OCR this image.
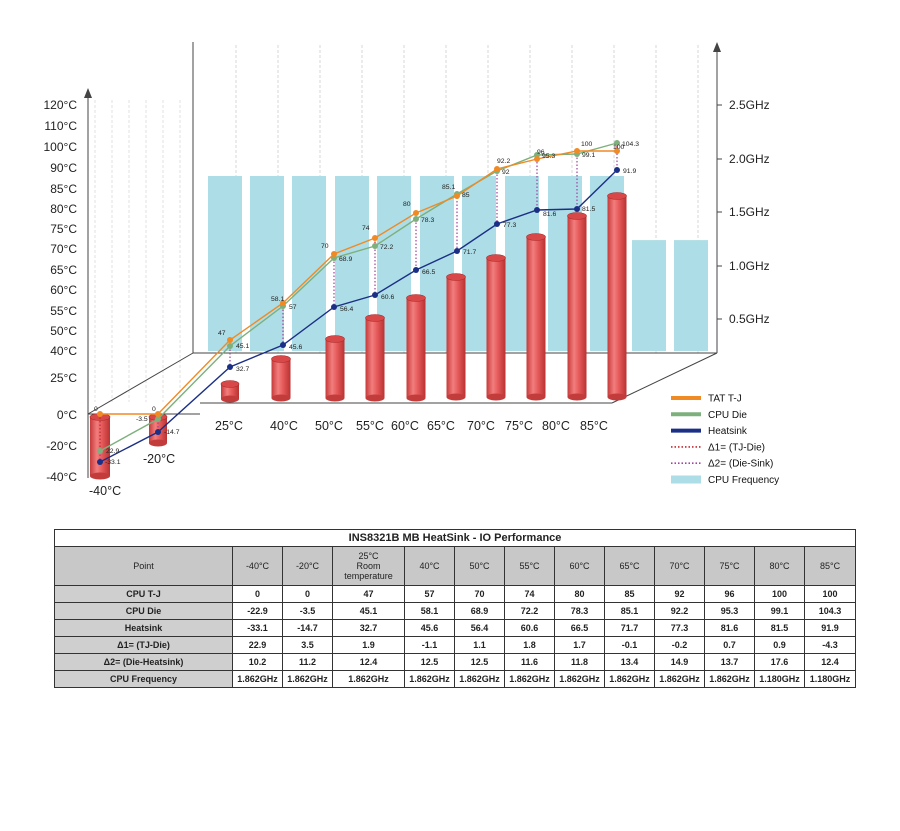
0
22.9
-33.1
0
-3.5
-14.7
47
45.1
32.7
58.1
57
45.6
70
68.9
56.4
74
72.2
60.6
80
78.3
66.5
85.1
85
71.7
92.2
92
77.3
96
95.3
81.6
100
99.1
81.5
100
104.3
91.9
-40°C
-20°C
25°C 40°C 50°C 55°C 60°C 65°C 70°C 75°C 80°C 85°C
120°C
110°C
100°C
90°C
85°C
80°C
75°C
70°C
65°C
60°C
55°C
50°C
40°C
25°C
0°C
-20°C
-40°C
2.5GHz
2.0GHz
1.5GHz
1.0GHz
0.5GHz
TAT T-J
CPU Die
Heatsink
Δ1= (TJ-Die)
Δ2= (Die-Sink)
CPU Frequency
INS8321B MB HeatSink - IO Performance												
Point	-40°C	-20°C	25°C
Room
temperature	40°C	50°C	55°C	60°C	65°C	70°C	75°C	80°C	85°C
CPU T-J	0	0	47	57	70	74	80	85	92	96	100	100
CPU Die	-22.9	-3.5	45.1	58.1	68.9	72.2	78.3	85.1	92.2	95.3	99.1	104.3
Heatsink	-33.1	-14.7	32.7	45.6	56.4	60.6	66.5	71.7	77.3	81.6	81.5	91.9
Δ1= (TJ-Die)	22.9	3.5	1.9	-1.1	1.1	1.8	1.7	-0.1	-0.2	0.7	0.9	-4.3
Δ2= (Die-Heatsink)	10.2	11.2	12.4	12.5	12.5	11.6	11.8	13.4	14.9	13.7	17.6	12.4
CPU Frequency	1.862GHz	1.862GHz	1.862GHz	1.862GHz	1.862GHz	1.862GHz	1.862GHz	1.862GHz	1.862GHz	1.862GHz	1.180GHz	1.180GHz
